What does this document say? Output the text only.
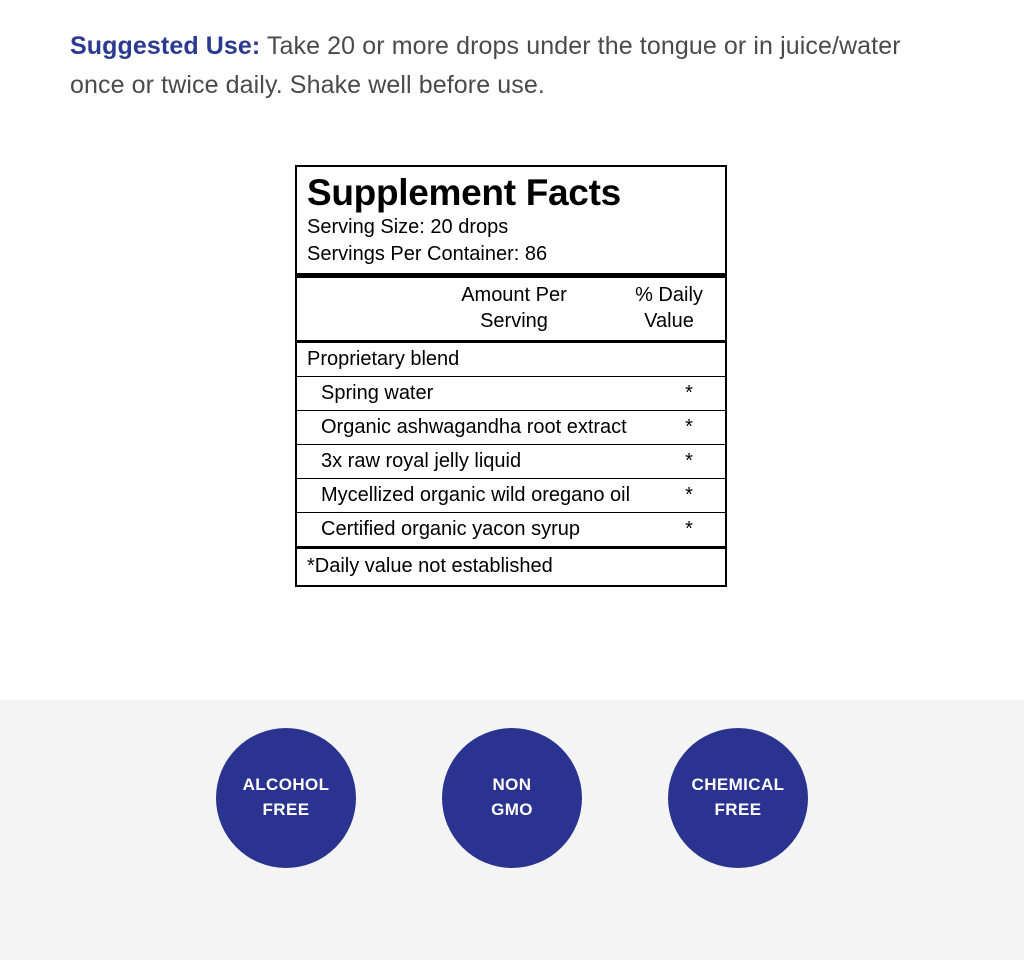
Suggested Use: Take 20 or more drops under the tongue or in juice/water once or twice daily. Shake well before use.

Supplement Facts
Serving Size: 20 drops
Servings Per Container: 86
Amount Per
Serving
% Daily
Value
Proprietary blend
Spring water	*
Organic ashwagandha root extract	*
3x raw royal jelly liquid	*
Mycellized organic wild oregano oil	*
Certified organic yacon syrup	*
*Daily value not established
ALCOHOL
FREE
NON
GMO
CHEMICAL
FREE
